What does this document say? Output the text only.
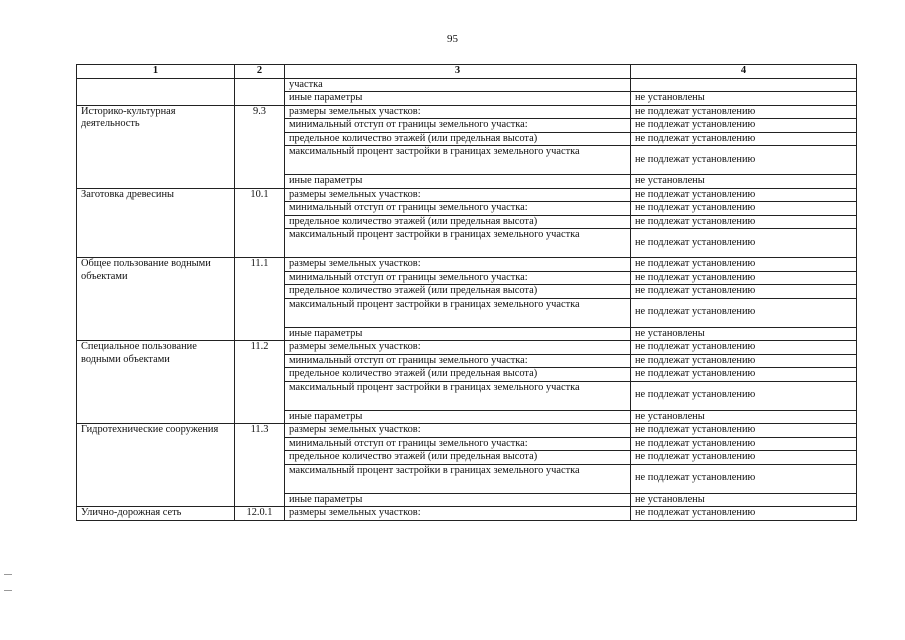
95
1	2	3	4
		участка	
		иные параметры	не установлены
Историко-культурная деятельность	9.3	размеры земельных участков:	не подлежат установлению
		минимальный отступ от границы земельного участка:	не подлежат установлению
		предельное количество этажей (или предельная высота)	не подлежат установлению
		максимальный процент застройки в границах земельного участка	не подлежат установлению
		иные параметры	не установлены
Заготовка древесины	10.1	размеры земельных участков:	не подлежат установлению
		минимальный отступ от границы земельного участка:	не подлежат установлению
		предельное количество этажей (или предельная высота)	не подлежат установлению
		максимальный процент застройки в границах земельного участка	не подлежат установлению
Общее пользование водными объектами	11.1	размеры земельных участков:	не подлежат установлению
		минимальный отступ от границы земельного участка:	не подлежат установлению
		предельное количество этажей (или предельная высота)	не подлежат установлению
		максимальный процент застройки в границах земельного участка	не подлежат установлению
		иные параметры	не установлены
Специальное пользование водными объектами	11.2	размеры земельных участков:	не подлежат установлению
		минимальный отступ от границы земельного участка:	не подлежат установлению
		предельное количество этажей (или предельная высота)	не подлежат установлению
		максимальный процент застройки в границах земельного участка	не подлежат установлению
		иные параметры	не установлены
Гидротехнические сооружения	11.3	размеры земельных участков:	не подлежат установлению
		минимальный отступ от границы земельного участка:	не подлежат установлению
		предельное количество этажей (или предельная высота)	не подлежат установлению
		максимальный процент застройки в границах земельного участка	не подлежат установлению
		иные параметры	не установлены
Улично-дорожная сеть	12.0.1	размеры земельных участков:	не подлежат установлению
